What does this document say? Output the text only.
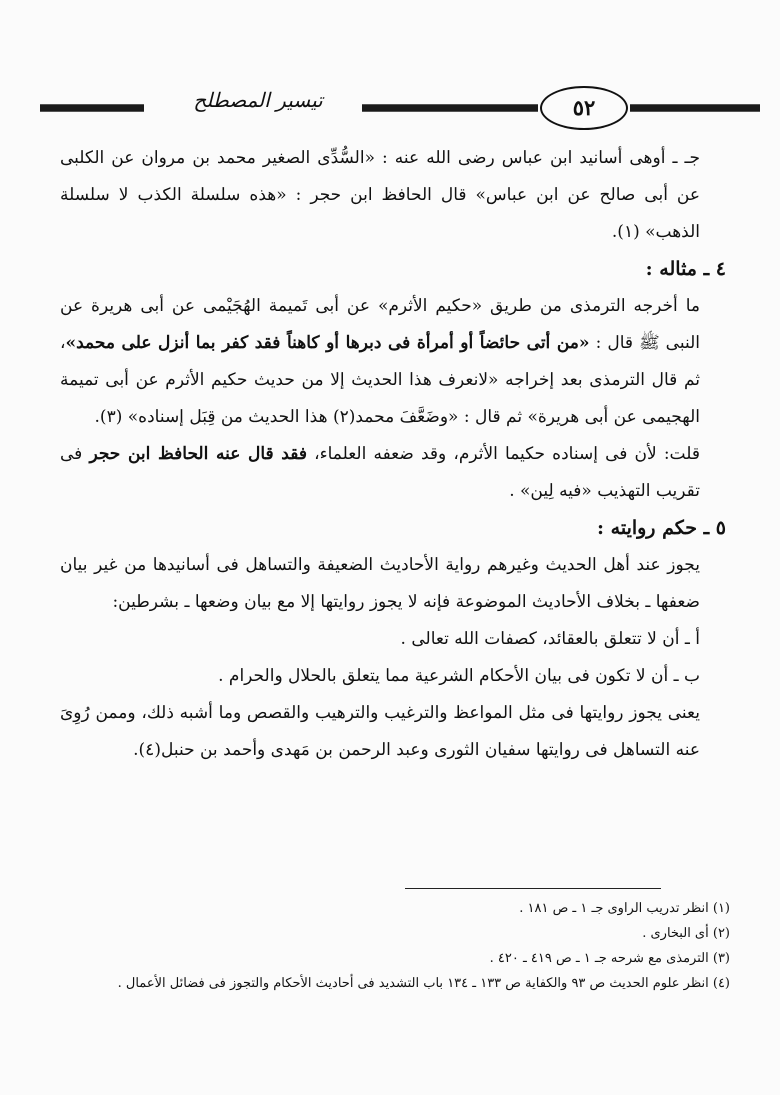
تيسير المصطلح	٥٢

جـ ـ أوهى أسانيد ابن عباس رضى الله عنه : «السُّدِّى الصغير محمد بن مروان عن الكلبى عن أبى صالح عن ابن عباس» قال الحافظ ابن حجر : «هذه سلسلة الكذب لا سلسلة الذهب» (١).

٤ ـ مثاله :

ما أخرجه الترمذى من طريق «حكيم الأثرم» عن أبى تَميمة الهُجَيْمى عن أبى هريرة عن النبى ﷺ قال : «من أتى حائضاً أو أمرأة فى دبرها أو كاهناً فقد كفر بما أنزل على محمد»، ثم قال الترمذى بعد إخراجه «لانعرف هذا الحديث إلا من حديث حكيم الأثرم عن أبى تميمة الهجيمى عن أبى هريرة» ثم قال : «وضَعَّفَ محمد(٢) هذا الحديث من قِبَل إسناده» (٣).

قلت: لأن فى إسناده حكيما الأثرم، وقد ضعفه العلماء، فقد قال عنه الحافظ ابن حجر فى تقريب التهذيب «فيه لِين» .

٥ ـ حكم روايته :

يجوز عند أهل الحديث وغيرهم رواية الأحاديث الضعيفة والتساهل فى أسانيدها من غير بيان ضعفها ـ بخلاف الأحاديث الموضوعة فإنه لا يجوز روايتها إلا مع بيان وضعها ـ بشرطين:

أ ـ أن لا تتعلق بالعقائد، كصفات الله تعالى .

ب ـ أن لا تكون فى بيان الأحكام الشرعية مما يتعلق بالحلال والحرام .

يعنى يجوز روايتها فى مثل المواعظ والترغيب والترهيب والقصص وما أشبه ذلك، وممن رُوِىَ عنه التساهل فى روايتها سفيان الثورى وعبد الرحمن بن مَهدى وأحمد بن حنبل(٤).

(١) انظر تدريب الراوى جـ ١ ـ ص ١٨١ .

(٢) أى البخارى .

(٣) الترمذى مع شرحه جـ ١ ـ ص ٤١٩ ـ ٤٢٠ .

(٤) انظر علوم الحديث ص ٩٣ والكفاية ص ١٣٣ ـ ١٣٤ باب التشديد فى أحاديث الأحكام والتجوز فى فضائل الأعمال .
